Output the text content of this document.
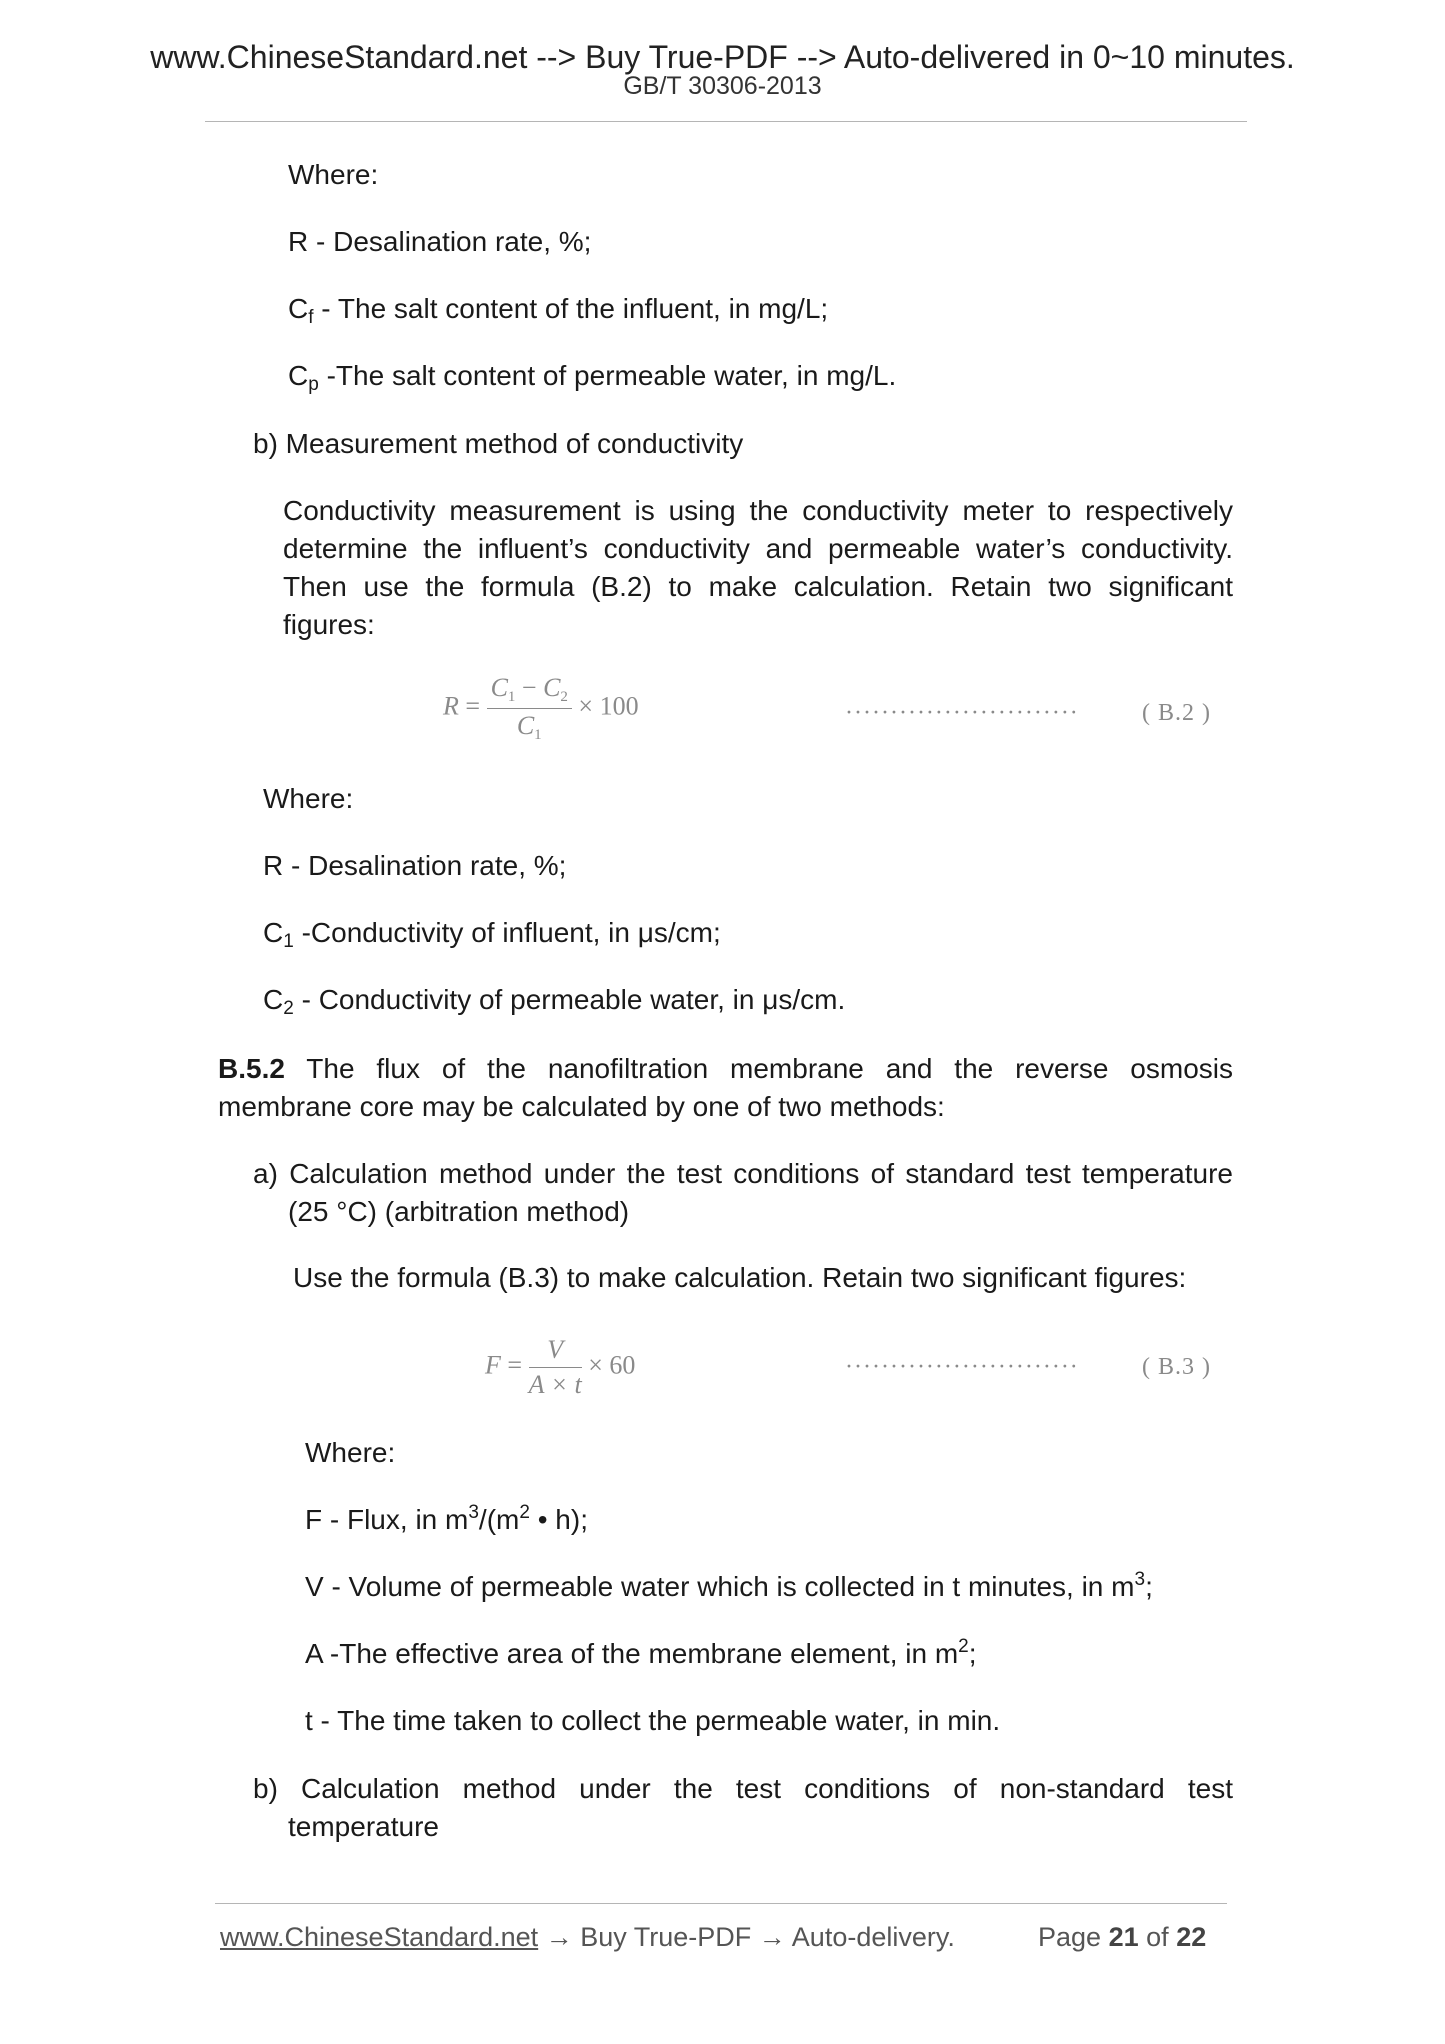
www.ChineseStandard.net --> Buy True-PDF --> Auto-delivered in 0~10 minutes.
GB/T 30306-2013
Where:
R - Desalination rate, %;
$C_f$ - The salt content of the influent, in mg/L;
$C_p$ -The salt content of permeable water, in mg/L.
b) Measurement method of conductivity
Conductivity measurement is using the conductivity meter to respectively determine the influent’s conductivity and permeable water’s conductivity. Then use the formula (B.2) to make calculation. Retain two significant figures:
$R = \frac{C1 - C2}{C1} \times 100$	··························	( B.2 )
Where:
R - Desalination rate, %;
$C_1$ -Conductivity of influent, in μs/cm;
$C_2$ - Conductivity of permeable water, in μs/cm.
B.5.2 The flux of the nanofiltration membrane and the reverse osmosis membrane core may be calculated by one of two methods:
a) Calculation method under the test conditions of standard test temperature (25 °C) (arbitration method)
Use the formula (B.3) to make calculation. Retain two significant figures:
$F = \frac{V}{A \times t} \times 60$	··························	( B.3 )
Where:
F - Flux, in $m^3/(m^2$ • h);
V - Volume of permeable water which is collected in t minutes, in $m^3$;
A -The effective area of the membrane element, in $m^2$;
t - The time taken to collect the permeable water, in min.
b) Calculation method under the test conditions of non-standard test temperature
www.ChineseStandard.net → Buy True-PDF → Auto-delivery.	Page 21 of 22
